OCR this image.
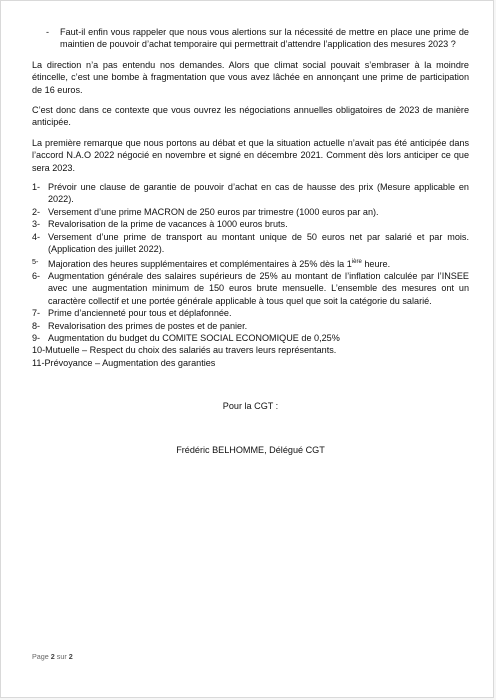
-	Faut-il enfin vous rappeler que nous vous alertions sur la nécessité de mettre en place une prime de maintien de pouvoir d’achat temporaire qui permettrait d’attendre l’application des mesures 2023 ?

La direction n’a pas entendu nos demandes. Alors que climat social pouvait s’embraser à la moindre étincelle, c’est une bombe à fragmentation que vous avez lâchée en annonçant une prime de participation de 16 euros.

C’est donc dans ce contexte que vous ouvrez les négociations annuelles obligatoires de 2023 de manière anticipée.

La première remarque que nous portons au débat et que la situation actuelle n’avait pas été anticipée dans l’accord N.A.O 2022 négocié en novembre et signé en décembre 2021. Comment dès lors anticiper ce que sera 2023.

1- Prévoir une clause de garantie de pouvoir d’achat en cas de hausse des prix (Mesure applicable en 2022).
2- Versement d’une prime MACRON de 250 euros par trimestre (1000 euros par an).
3- Revalorisation de la prime de vacances à 1000 euros bruts.
4- Versement d’une prime de transport au montant unique de 50 euros net par salarié et par mois. (Application des juillet 2022).
5-	Majoration des heures supplémentaires et complémentaires à 25% dès la $1^{ière}$ heure.
6- Augmentation générale des salaires supérieurs de 25% au montant de l’inflation calculée par l’INSEE avec une augmentation minimum de 150 euros brute mensuelle. L’ensemble des mesures ont un caractère collectif et une portée générale applicable à tous quel que soit la catégorie du salarié.
7- Prime d’ancienneté pour tous et déplafonnée.
8- Revalorisation des primes de postes et de panier.
9- Augmentation du budget du COMITE SOCIAL ECONOMIQUE de 0,25%
10- Mutuelle – Respect du choix des salariés au travers leurs représentants.
11- Prévoyance – Augmentation des garanties

Pour la CGT :

Frédéric BELHOMME, Délégué CGT

Page 2 sur 2
